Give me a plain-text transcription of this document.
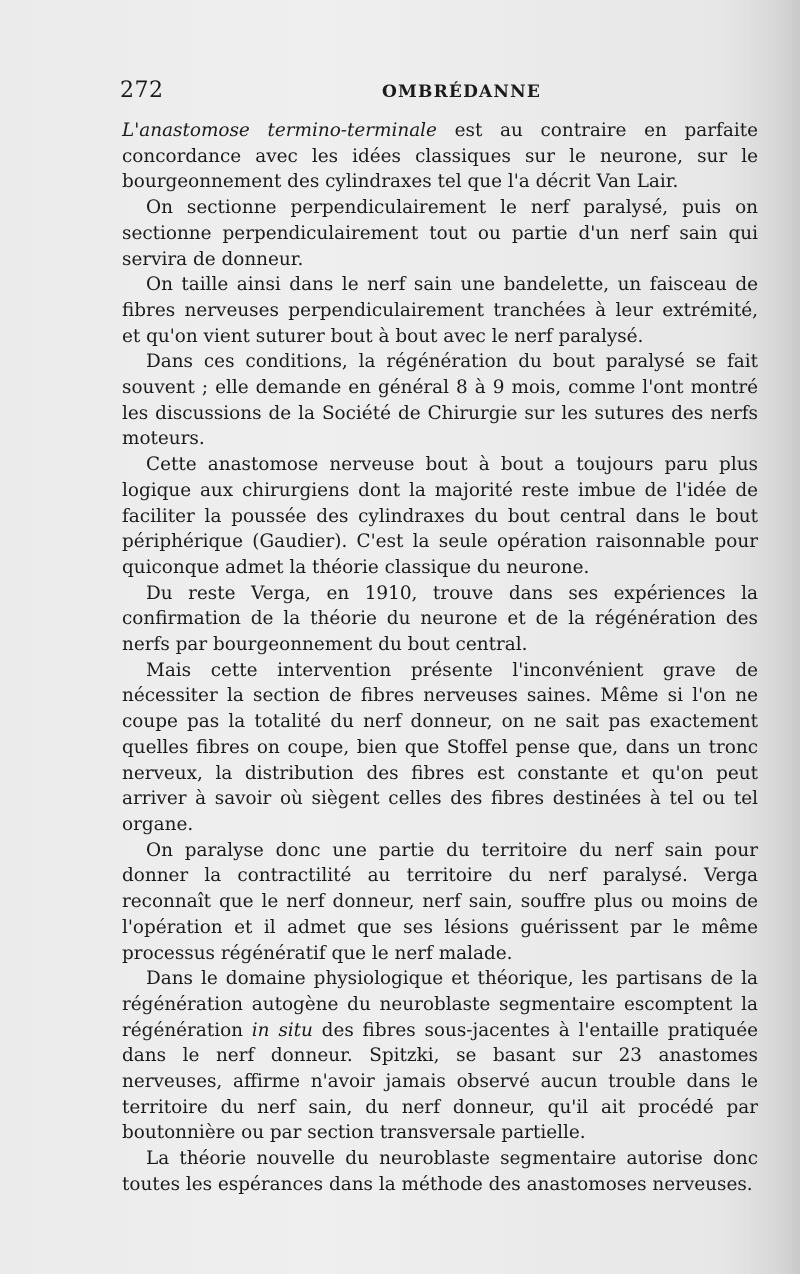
272	OMBRÉDANNE

L'anastomose termino-terminale est au contraire en parfaite concordance avec les idées classiques sur le neurone, sur le bourgeonnement des cylindraxes tel que l'a décrit Van Lair.

On sectionne perpendiculairement le nerf paralysé, puis on sectionne perpendiculairement tout ou partie d'un nerf sain qui servira de donneur.

On taille ainsi dans le nerf sain une bandelette, un faisceau de fibres nerveuses perpendiculairement tranchées à leur extrémité, et qu'on vient suturer bout à bout avec le nerf paralysé.

Dans ces conditions, la régénération du bout paralysé se fait souvent ; elle demande en général 8 à 9 mois, comme l'ont montré les discussions de la Société de Chirurgie sur les sutures des nerfs moteurs.

Cette anastomose nerveuse bout à bout a toujours paru plus logique aux chirurgiens dont la majorité reste imbue de l'idée de faciliter la poussée des cylindraxes du bout central dans le bout périphérique (Gaudier). C'est la seule opération raisonnable pour quiconque admet la théorie classique du neurone.

Du reste Verga, en 1910, trouve dans ses expériences la confirmation de la théorie du neurone et de la régénération des nerfs par bourgeonnement du bout central.

Mais cette intervention présente l'inconvénient grave de nécessiter la section de fibres nerveuses saines. Même si l'on ne coupe pas la totalité du nerf donneur, on ne sait pas exactement quelles fibres on coupe, bien que Stoffel pense que, dans un tronc nerveux, la distribution des fibres est constante et qu'on peut arriver à savoir où siègent celles des fibres destinées à tel ou tel organe.

On paralyse donc une partie du territoire du nerf sain pour donner la contractilité au territoire du nerf paralysé. Verga reconnaît que le nerf donneur, nerf sain, souffre plus ou moins de l'opération et il admet que ses lésions guérissent par le même processus régénératif que le nerf malade.

Dans le domaine physiologique et théorique, les partisans de la régénération autogène du neuroblaste segmentaire escomptent la régénération in situ des fibres sous-jacentes à l'entaille pratiquée dans le nerf donneur. Spitzki, se basant sur 23 anastomes nerveuses, affirme n'avoir jamais observé aucun trouble dans le territoire du nerf sain, du nerf donneur, qu'il ait procédé par boutonnière ou par section transversale partielle.

La théorie nouvelle du neuroblaste segmentaire autorise donc toutes les espérances dans la méthode des anastomoses nerveuses.
